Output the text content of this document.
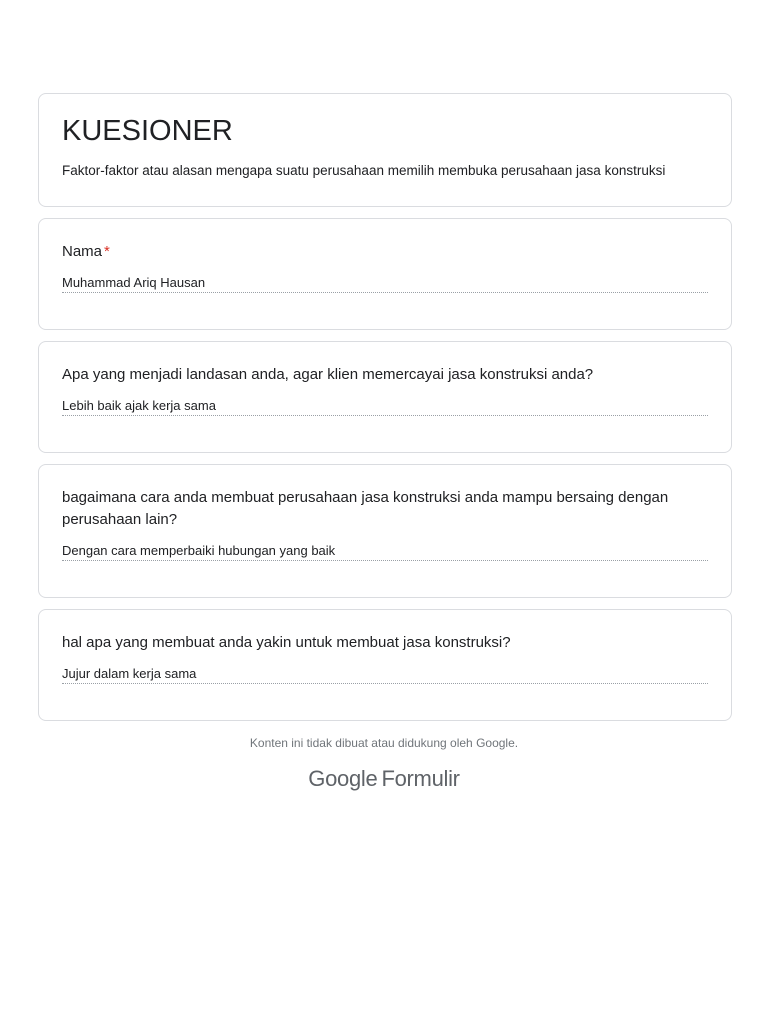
KUESIONER
Faktor-faktor atau alasan mengapa suatu perusahaan memilih membuka perusahaan jasa konstruksi
Nama *
Muhammad Ariq Hausan
Apa yang menjadi landasan anda, agar klien memercayai jasa konstruksi anda?
Lebih baik ajak kerja sama
bagaimana cara anda membuat perusahaan jasa konstruksi anda mampu bersaing dengan perusahaan lain?
Dengan cara memperbaiki hubungan yang baik
hal apa yang membuat anda yakin untuk membuat jasa konstruksi?
Jujur dalam kerja sama
Konten ini tidak dibuat atau didukung oleh Google.
Google Formulir
